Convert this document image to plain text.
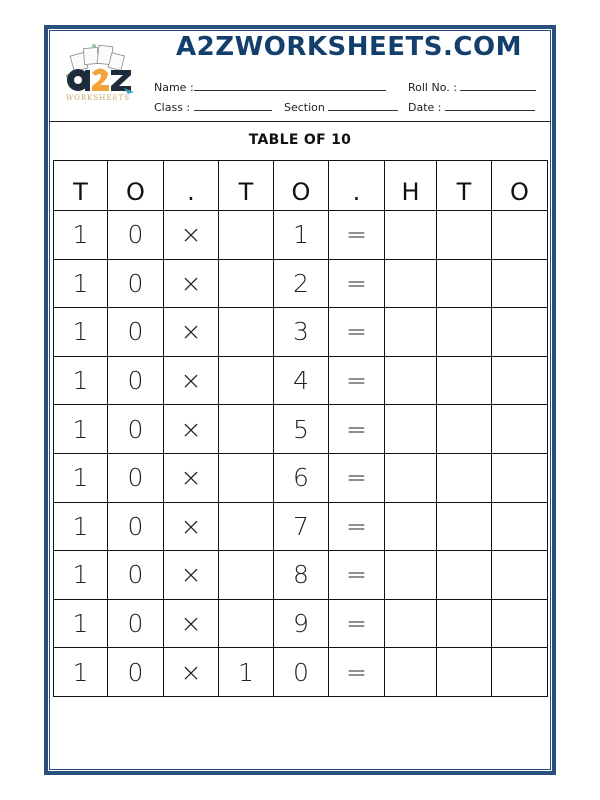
WORKSHEETS
A2ZWORKSHEETS.COM
Name :	Roll No. :
Class :	Section	Date :
TABLE OF 10
T	O	.	T	O	.	H	T	O
1	0	×		1	=			
1	0	×		2	=			
1	0	×		3	=			
1	0	×		4	=			
1	0	×		5	=			
1	0	×		6	=			
1	0	×		7	=			
1	0	×		8	=			
1	0	×		9	=			
1	0	×	1	0	=			
